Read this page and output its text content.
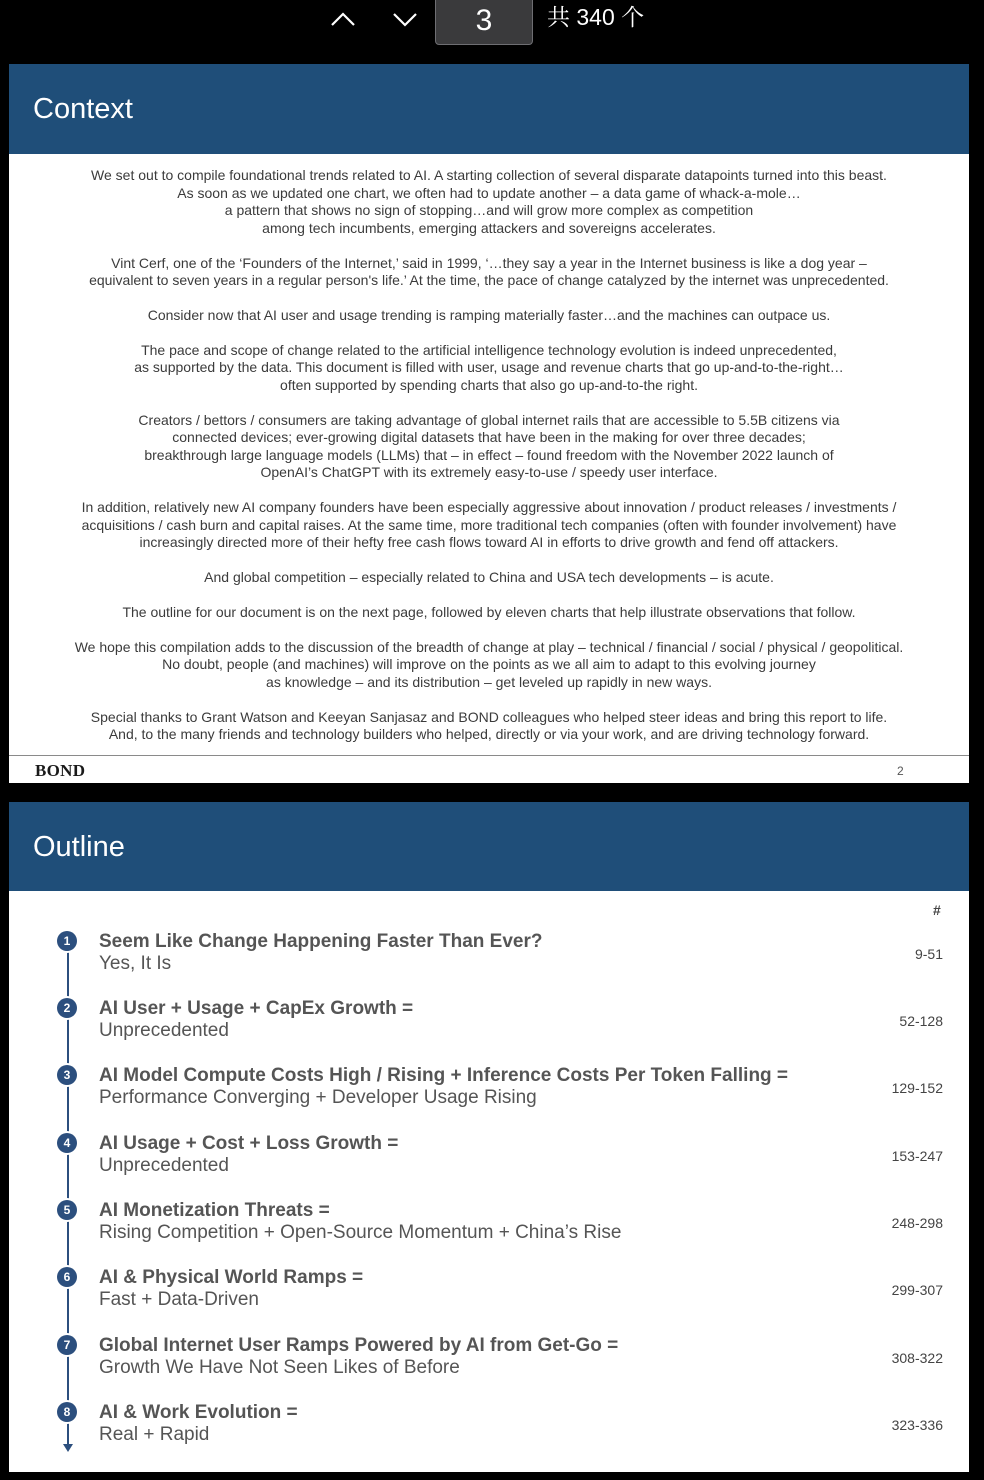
3	共 340 个
Context

We set out to compile foundational trends related to AI. A starting collection of several disparate datapoints turned into this beast.
As soon as we updated one chart, we often had to update another – a data game of whack-a-mole…
a pattern that shows no sign of stopping…and will grow more complex as competition
among tech incumbents, emerging attackers and sovereigns accelerates.

Vint Cerf, one of the ‘Founders of the Internet,’ said in 1999, ‘…they say a year in the Internet business is like a dog year –
equivalent to seven years in a regular person's life.’ At the time, the pace of change catalyzed by the internet was unprecedented.

Consider now that AI user and usage trending is ramping materially faster…and the machines can outpace us.

The pace and scope of change related to the artificial intelligence technology evolution is indeed unprecedented,
as supported by the data. This document is filled with user, usage and revenue charts that go up-and-to-the-right…
often supported by spending charts that also go up-and-to-the right.

Creators / bettors / consumers are taking advantage of global internet rails that are accessible to 5.5B citizens via
connected devices; ever-growing digital datasets that have been in the making for over three decades;
breakthrough large language models (LLMs) that – in effect – found freedom with the November 2022 launch of
OpenAI’s ChatGPT with its extremely easy-to-use / speedy user interface.

In addition, relatively new AI company founders have been especially aggressive about innovation / product releases / investments /
acquisitions / cash burn and capital raises. At the same time, more traditional tech companies (often with founder involvement) have
increasingly directed more of their hefty free cash flows toward AI in efforts to drive growth and fend off attackers.

And global competition – especially related to China and USA tech developments – is acute.

The outline for our document is on the next page, followed by eleven charts that help illustrate observations that follow.

We hope this compilation adds to the discussion of the breadth of change at play – technical / financial / social / physical / geopolitical.
No doubt, people (and machines) will improve on the points as we all aim to adapt to this evolving journey
as knowledge – and its distribution – get leveled up rapidly in new ways.

Special thanks to Grant Watson and Keeyan Sanjasaz and BOND colleagues who helped steer ideas and bring this report to life.
And, to the many friends and technology builders who helped, directly or via your work, and are driving technology forward.

BOND	2
Outline
#
1	Seem Like Change Happening Faster Than Ever?
Yes, It Is	9-51
2	AI User + Usage + CapEx Growth =
Unprecedented	52-128
3	AI Model Compute Costs High / Rising + Inference Costs Per Token Falling =
Performance Converging + Developer Usage Rising	129-152
4	AI Usage + Cost + Loss Growth =
Unprecedented	153-247
5	AI Monetization Threats =
Rising Competition + Open-Source Momentum + China’s Rise	248-298
6	AI & Physical World Ramps =
Fast + Data-Driven	299-307
7	Global Internet User Ramps Powered by AI from Get-Go =
Growth We Have Not Seen Likes of Before	308-322
8	AI & Work Evolution =
Real + Rapid	323-336
